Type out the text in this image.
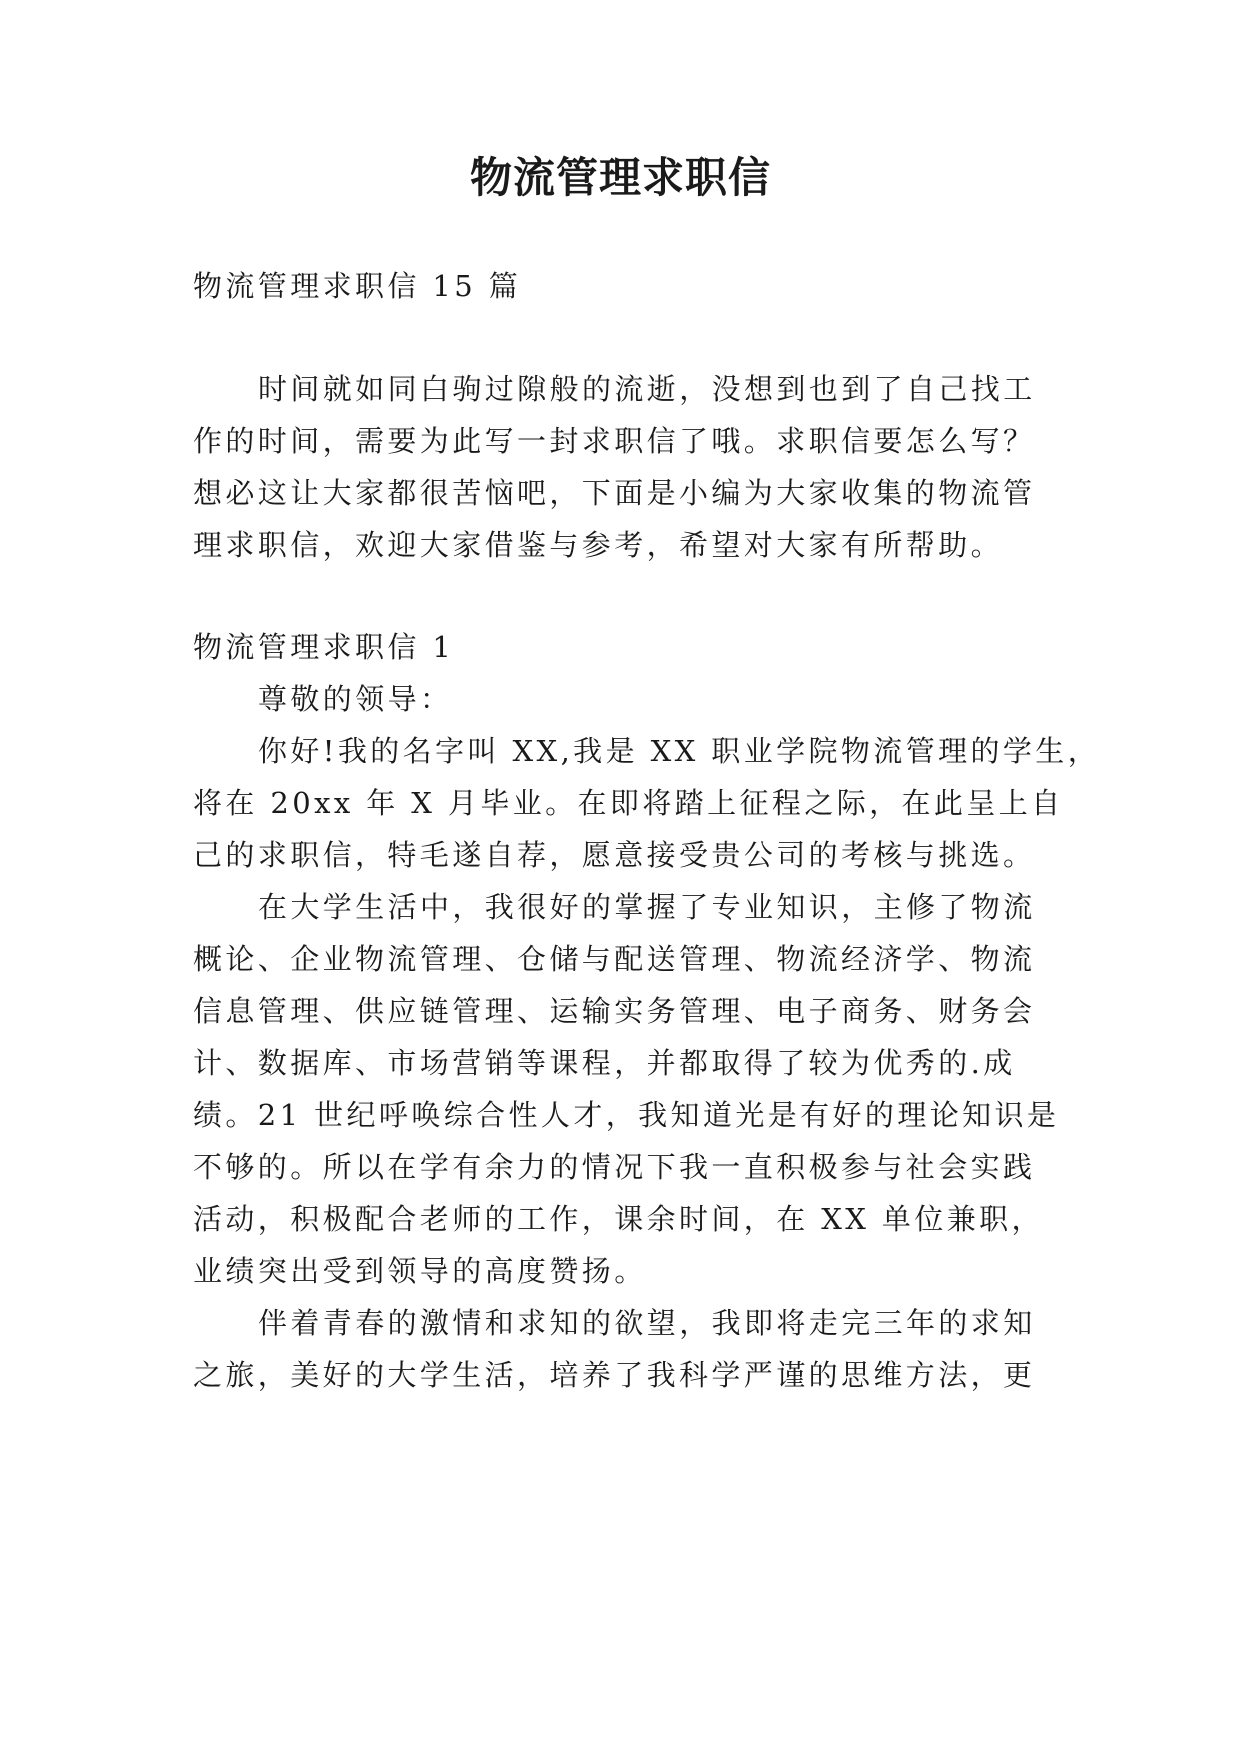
物流管理求职信

物流管理求职信 15 篇

时间就如同白驹过隙般的流逝，没想到也到了自己找工

作的时间，需要为此写一封求职信了哦。求职信要怎么写？

想必这让大家都很苦恼吧，下面是小编为大家收集的物流管

理求职信，欢迎大家借鉴与参考，希望对大家有所帮助。

物流管理求职信 1

尊敬的领导：

你好!我的名字叫 XX,我是 XX 职业学院物流管理的学生，

将在 20xx 年 X 月毕业。在即将踏上征程之际，在此呈上自

己的求职信，特毛遂自荐，愿意接受贵公司的考核与挑选。

在大学生活中，我很好的掌握了专业知识，主修了物流

概论、企业物流管理、仓储与配送管理、物流经济学、物流

信息管理、供应链管理、运输实务管理、电子商务、财务会

计、数据库、市场营销等课程，并都取得了较为优秀的.成

绩。21 世纪呼唤综合性人才，我知道光是有好的理论知识是

不够的。所以在学有余力的情况下我一直积极参与社会实践

活动，积极配合老师的工作，课余时间，在 XX 单位兼职，

业绩突出受到领导的高度赞扬。

伴着青春的激情和求知的欲望，我即将走完三年的求知

之旅，美好的大学生活，培养了我科学严谨的思维方法，更
